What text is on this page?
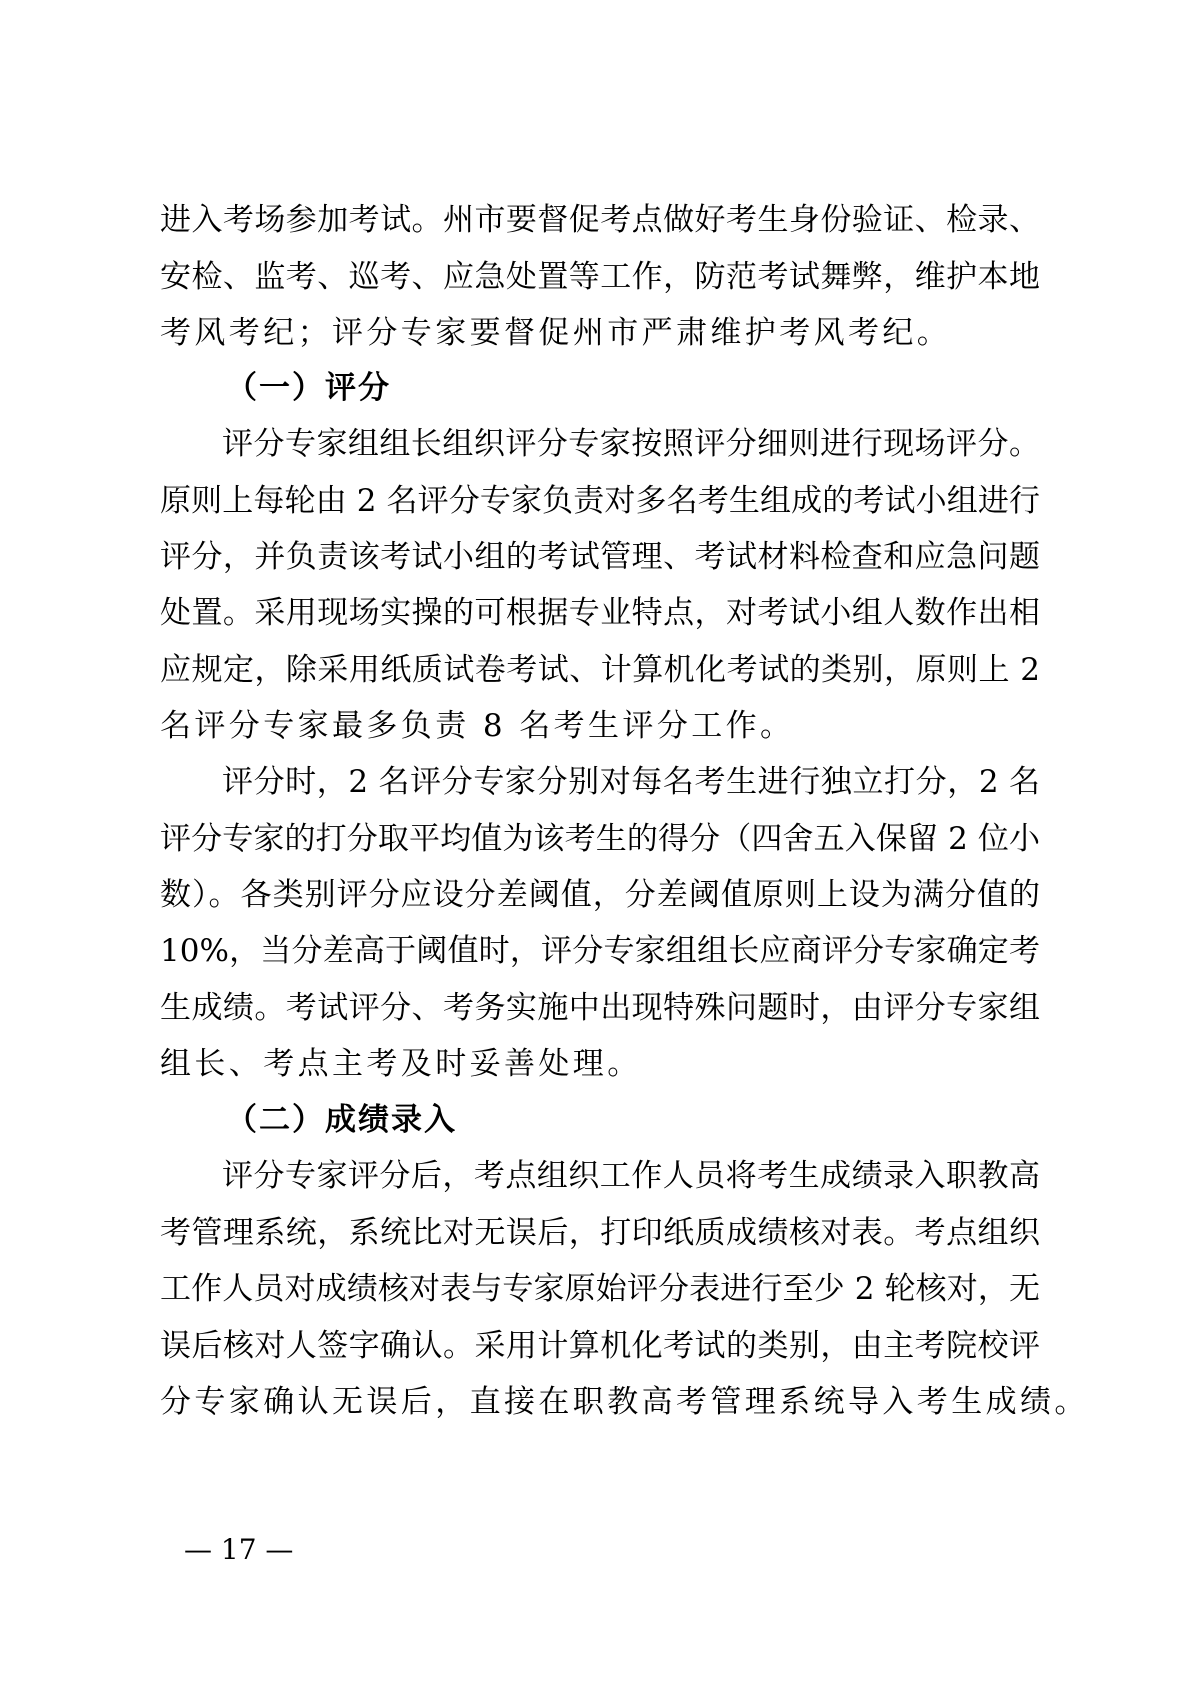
进入考场参加考试。州市要督促考点做好考生身份验证、检录、
安检、监考、巡考、应急处置等工作，防范考试舞弊，维护本地
考风考纪；评分专家要督促州市严肃维护考风考纪。
（一）评分
评分专家组组长组织评分专家按照评分细则进行现场评分。
原则上每轮由 2 名评分专家负责对多名考生组成的考试小组进行
评分，并负责该考试小组的考试管理、考试材料检查和应急问题
处置。采用现场实操的可根据专业特点，对考试小组人数作出相
应规定，除采用纸质试卷考试、计算机化考试的类别，原则上 2
名评分专家最多负责 8 名考生评分工作。
评分时，2 名评分专家分别对每名考生进行独立打分，2 名
评分专家的打分取平均值为该考生的得分（四舍五入保留 2 位小
数）。各类别评分应设分差阈值，分差阈值原则上设为满分值的
10%，当分差高于阈值时，评分专家组组长应商评分专家确定考
生成绩。考试评分、考务实施中出现特殊问题时，由评分专家组
组长、考点主考及时妥善处理。
（二）成绩录入
评分专家评分后，考点组织工作人员将考生成绩录入职教高
考管理系统，系统比对无误后，打印纸质成绩核对表。考点组织
工作人员对成绩核对表与专家原始评分表进行至少 2 轮核对，无
误后核对人签字确认。采用计算机化考试的类别，由主考院校评
分专家确认无误后，直接在职教高考管理系统导入考生成绩。
— 17 —
